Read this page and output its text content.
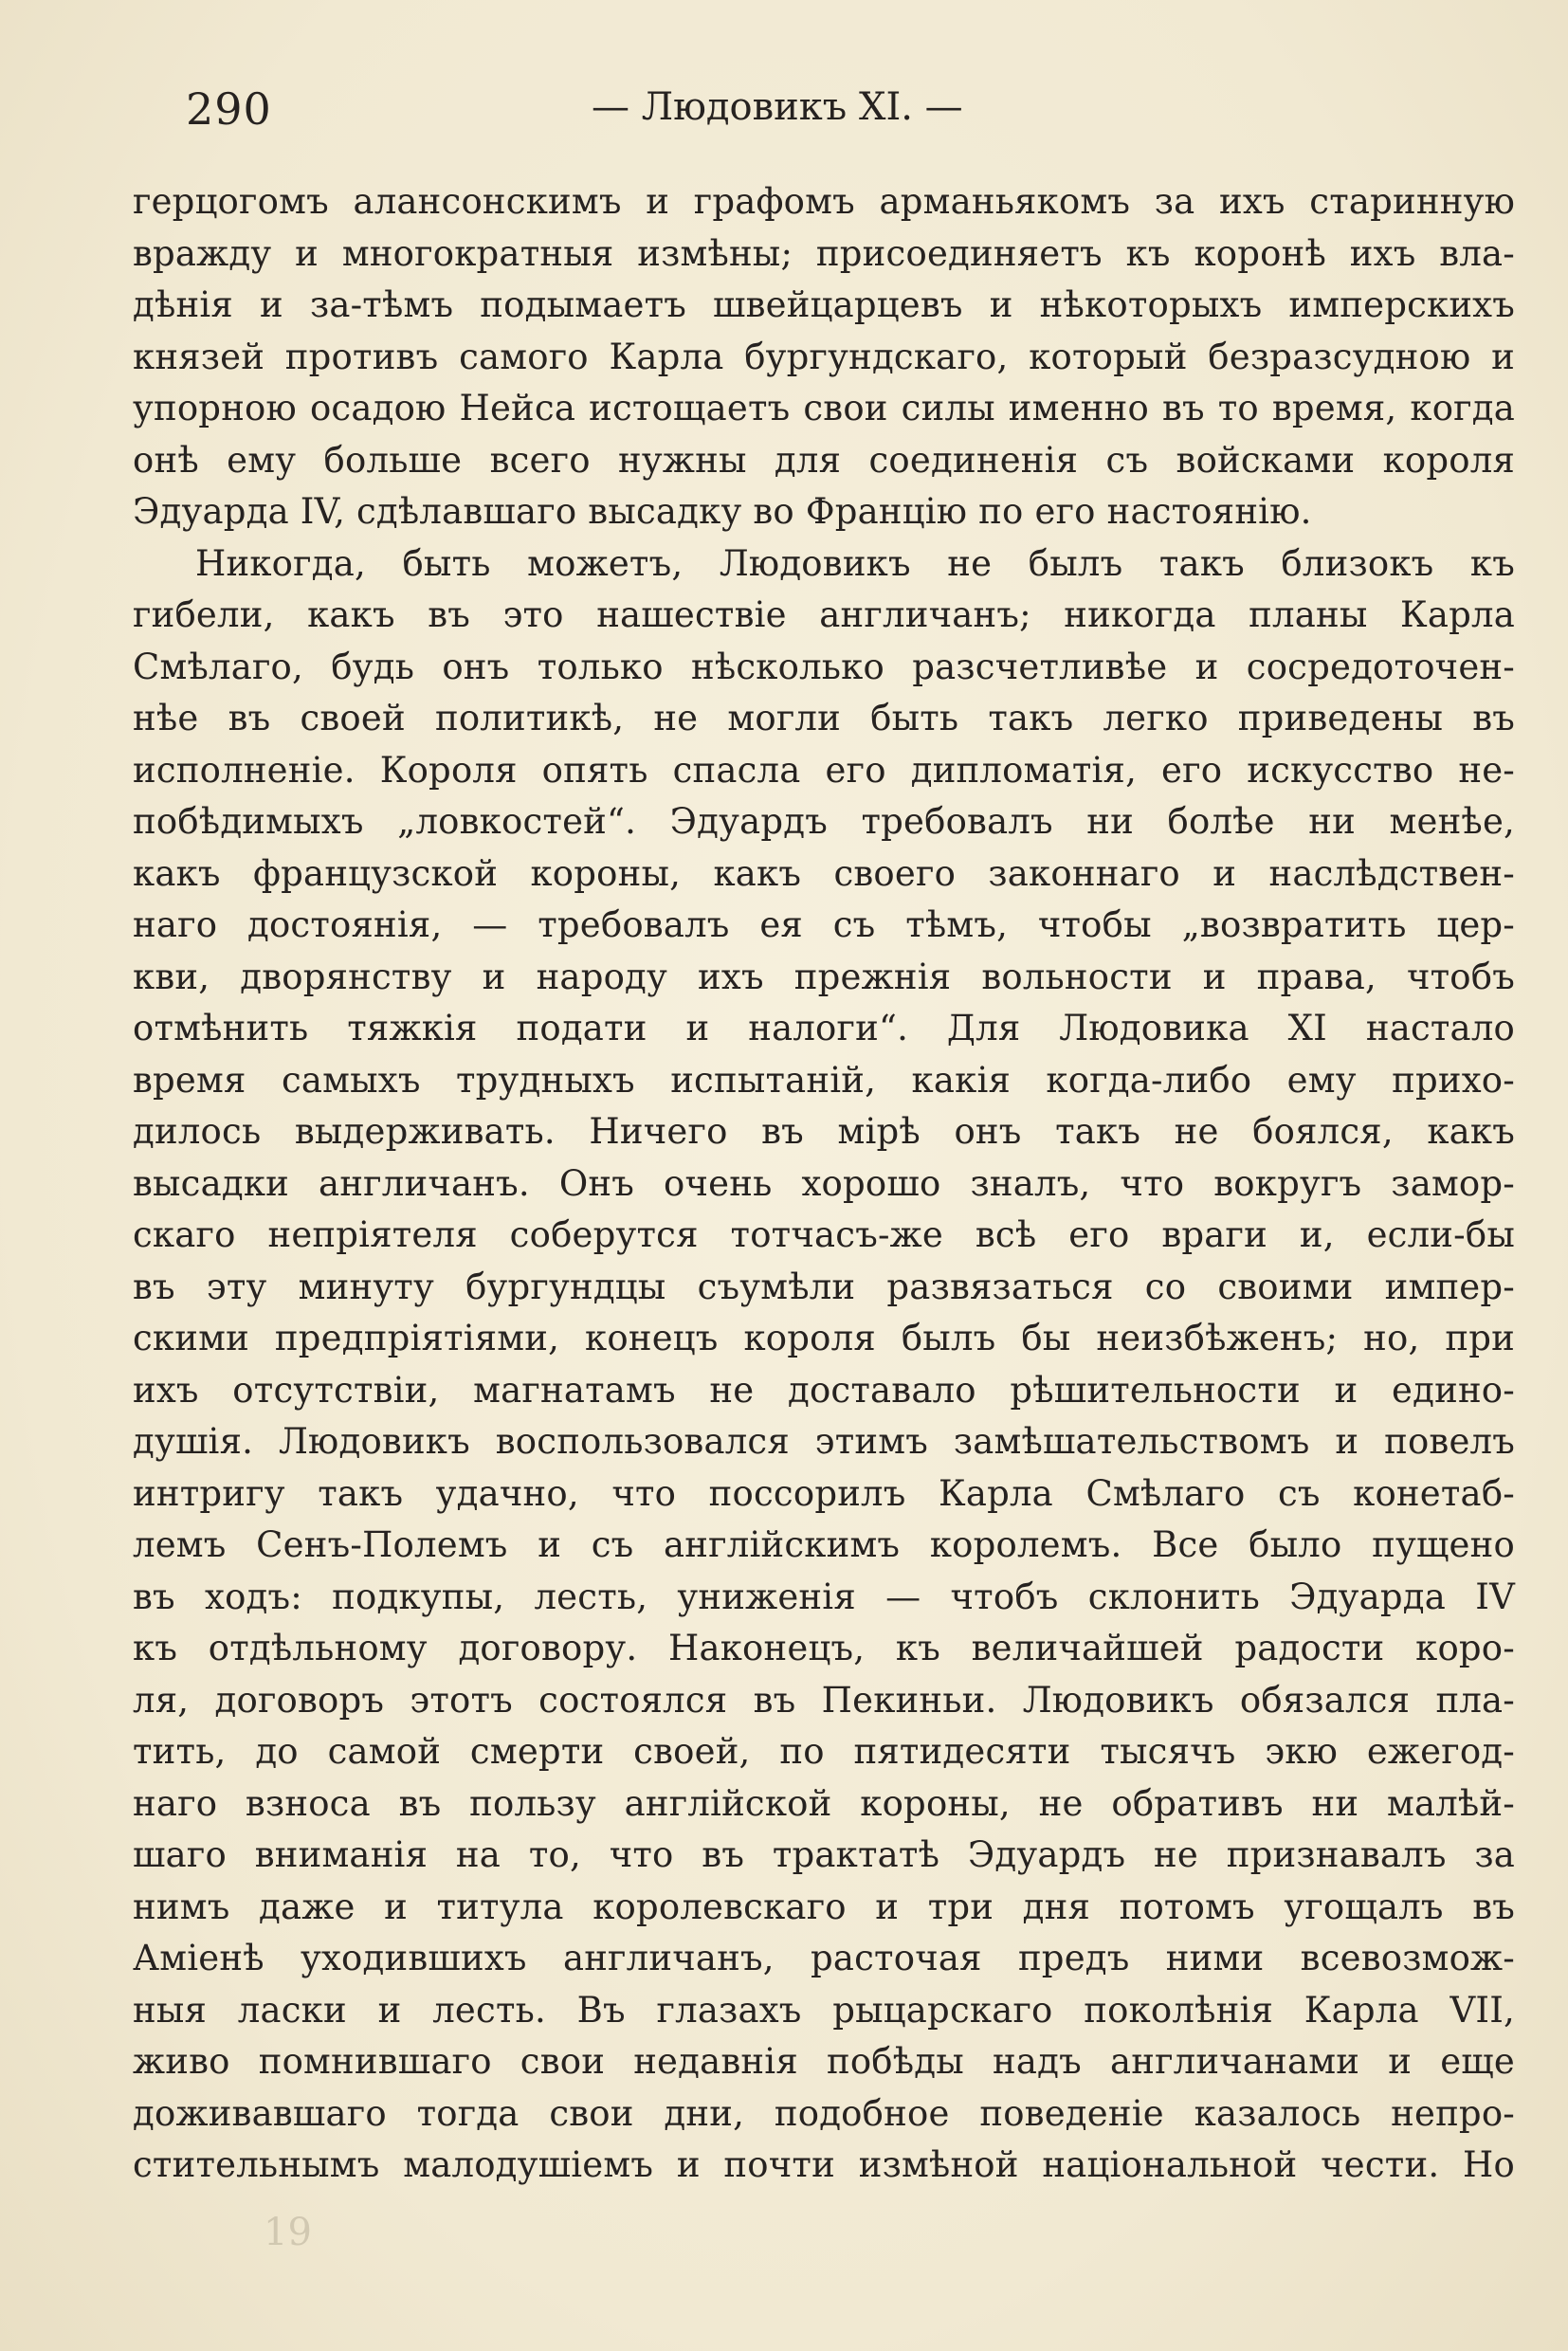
290	— Людовикъ XI. —
герцогомъ алансонскимъ и графомъ арманьякомъ за ихъ старинную
вражду и многократныя измѣны; присоединяетъ къ коронѣ ихъ вла-
дѣнія и за-тѣмъ подымаетъ швейцарцевъ и нѣкоторыхъ имперскихъ
князей противъ самого Карла бургундскаго, который безразсудною и
упорною осадою Нейса истощаетъ свои силы именно въ то время, когда
онѣ ему больше всего нужны для соединенія съ войсками короля
Эдуарда IV, сдѣлавшаго высадку во Францію по его настоянію.
Никогда, быть можетъ, Людовикъ не былъ такъ близокъ къ
гибели, какъ въ это нашествіе англичанъ; никогда планы Карла
Смѣлаго, будь онъ только нѣсколько разсчетливѣе и сосредоточен-
нѣе въ своей политикѣ, не могли быть такъ легко приведены въ
исполненіе. Короля опять спасла его дипломатія, его искусство не-
побѣдимыхъ „ловкостей“. Эдуардъ требовалъ ни болѣе ни менѣе,
какъ французской короны, какъ своего законнаго и наслѣдствен-
наго достоянія, — требовалъ ея съ тѣмъ, чтобы „возвратить цер-
кви, дворянству и народу ихъ прежнія вольности и права, чтобъ
отмѣнить тяжкія подати и налоги“. Для Людовика XI настало
время самыхъ трудныхъ испытаній, какія когда-либо ему прихо-
дилось выдерживать. Ничего въ мірѣ онъ такъ не боялся, какъ
высадки англичанъ. Онъ очень хорошо зналъ, что вокругъ замор-
скаго непріятеля соберутся тотчасъ-же всѣ его враги и, если-бы
въ эту минуту бургундцы съумѣли развязаться со своими импер-
скими предпріятіями, конецъ короля былъ бы неизбѣженъ; но, при
ихъ отсутствіи, магнатамъ не доставало рѣшительности и едино-
душія. Людовикъ воспользовался этимъ замѣшательствомъ и повелъ
интригу такъ удачно, что поссорилъ Карла Смѣлаго съ конетаб-
лемъ Сенъ-Полемъ и съ англійскимъ королемъ. Все было пущено
въ ходъ: подкупы, лесть, униженія — чтобъ склонить Эдуарда IV
къ отдѣльному договору. Наконецъ, къ величайшей радости коро-
ля, договоръ этотъ состоялся въ Пекиньи. Людовикъ обязался пла-
тить, до самой смерти своей, по пятидесяти тысячъ экю ежегод-
наго взноса въ пользу англійской короны, не обративъ ни малѣй-
шаго вниманія на то, что въ трактатѣ Эдуардъ не признавалъ за
нимъ даже и титула королевскаго и три дня потомъ угощалъ въ
Аміенѣ уходившихъ англичанъ, расточая предъ ними всевозмож-
ныя ласки и лесть. Въ глазахъ рыцарскаго поколѣнія Карла VII,
живо помнившаго свои недавнія побѣды надъ англичанами и еще
доживавшаго тогда свои дни, подобное поведеніе казалось непро-
стительнымъ малодушіемъ и почти измѣной національной чести. Но
19
